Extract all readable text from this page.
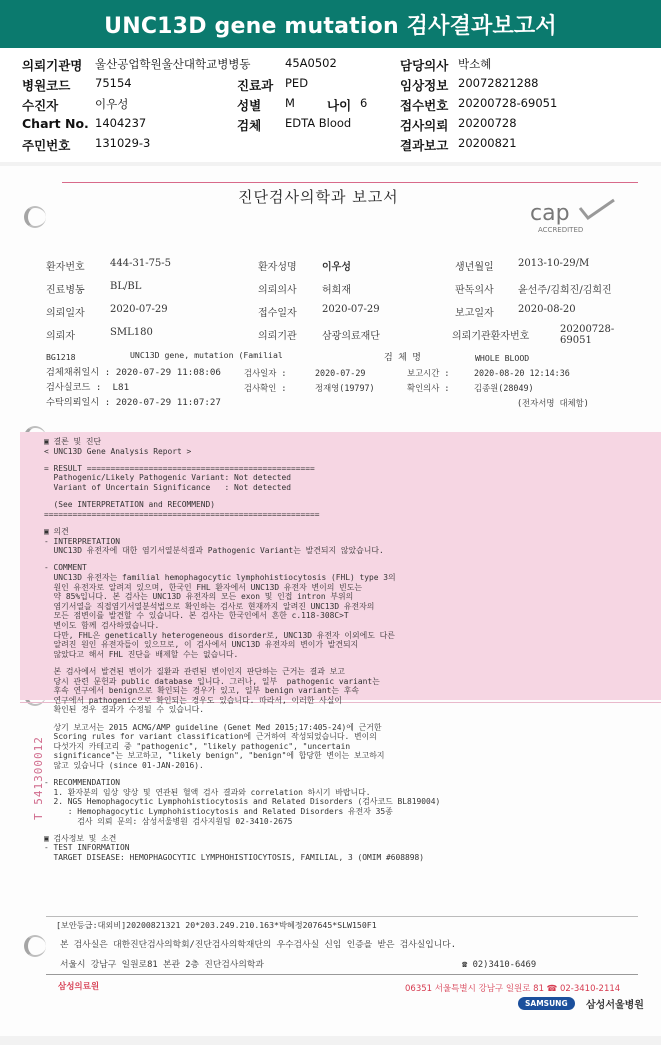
UNC13D gene mutation 검사결과보고서
의뢰기관명 울산공업학원울산대학교병병동	45A0502	담당의사 박소혜
병원코드 75154	진료과 PED	임상정보 20072821288
수진자	이우성	성별 M	나이 6	접수번호 20200728-69051
Chart No. 1404237	검체 EDTA Blood	검사의뢰 20200728
주민번호 131029-3	결과보고 20200821
진단검사의학과 보고서
cap
ACCREDITED
환자번호	444-31-75-5	환자성명	이우성	생년월일 2013-10-29/M
진료병동	BL/BL	의뢰의사	허희재	판독의사 윤선주/김희진/김희진
의뢰일자	2020-07-29	접수일자	2020-07-29	보고일자 2020-08-20
의뢰자	SML180	의뢰기관	삼광의료재단	의뢰기관환자번호
20200728-69051
BG1218	UNC13D gene, mutation (Familial	검 체 명	WHOLE BLOOD
검체채취일시 : 2020-07-29 11:08:06	검사일자 :	2020-07-29	보고시간 :	2020-08-20 12:14:36
검사실코드 :  L81	검사확인 :	정재영(19797)	확인의사 :	김종원(28049)
수탁의뢰일시 : 2020-07-29 11:07:27	(전자서명 대체함)
▣ 결론 및 진단
< UNC13D Gene Analysis Report >
= RESULT ================================================
Pathogenic/Likely Pathogenic Variant: Not detected
Variant of Uncertain Significance   : Not detected
(See INTERPRETATION and RECOMMEND)
==========================================================
▣ 의견
- INTERPRETATION
UNC13D 유전자에 대한 염기서열분석결과 Pathogenic Variant는 발견되지 않았습니다.
- COMMENT
UNC13D 유전자는 familial hemophagocytic lymphohistiocytosis (FHL) type 3의
원인 유전자로 알려져 있으며, 한국인 FHL 환자에서 UNC13D 유전자 변이의 빈도는
약 85%입니다. 본 검사는 UNC13D 유전자의 모든 exon 및 인접 intron 부위의
염기서열을 직접염기서열분석법으로 확인하는 검사로 현재까지 알려진 UNC13D 유전자의
모든 점변이를 발견할 수 있습니다. 본 검사는 한국인에서 흔한 c.118-308C>T
변이도 함께 검사하였습니다.
다만, FHL은 genetically heterogeneous disorder로, UNC13D 유전자 이외에도 다른
알려진 원인 유전자들이 있으므로, 이 검사에서 UNC13D 유전자의 변이가 발견되지
않았다고 해서 FHL 진단을 배제할 수는 없습니다.
본 검사에서 발견된 변이가 질환과 관련된 변이인지 판단하는 근거는 결과 보고
당시 관련 문헌과 public database 입니다. 그러나, 일부  pathogenic variant는
후속 연구에서 benign으로 확인되는 경우가 있고, 일부 benign variant는 후속
연구에서 pathogenic으로 확인되는 경우도 있습니다. 따라서, 이러한 사실이
확인된 경우 결과가 수정될 수 있습니다.
상기 보고서는 2015 ACMG/AMP guideline (Genet Med 2015;17:405-24)에 근거한
Scoring rules for variant classification에 근거하여 작성되었습니다. 변이의
다섯가지 카테고리 중 "pathogenic", "likely pathogenic", "uncertain
significance"는 보고하고, "likely benign", "benign"에 합당한 변이는 보고하지
않고 있습니다 (since 01-JAN-2016).
- RECOMMENDATION
1. 환자분의 임상 양상 및 연관된 혈액 검사 결과와 correlation 하시기 바랍니다.
2. NGS Hemophagocytic Lymphohistiocytosis and Related Disorders (검사코드 BL819004)
: Hemophagocytic Lymphohistiocytosis and Related Disorders 유전자 35종
검사 의뢰 문의: 삼성서울병원 검사지원팀 02-3410-2675
▣ 검사정보 및 소견
- TEST INFORMATION
TARGET DISEASE: HEMOPHAGOCYTIC LYMPHOHISTIOCYTOSIS, FAMILIAL, 3 (OMIM #608898)
[보안등급:대외비]20200821321 20*203.249.210.163*박혜정207645*SLW150F1
본 검사실은 대한진단검사의학회/진단검사의학재단의 우수검사실 신임 인증을 받은 검사실입니다.
서울시 강남구 일원로81 본관 2층 진단검사의학과	☎ 02)3410-6469
삼성의료원	06351 서울특별시 강남구 일원로 81 ☎ 02-3410-2114
SAMSUNG	삼성서울병원
T 541300012
